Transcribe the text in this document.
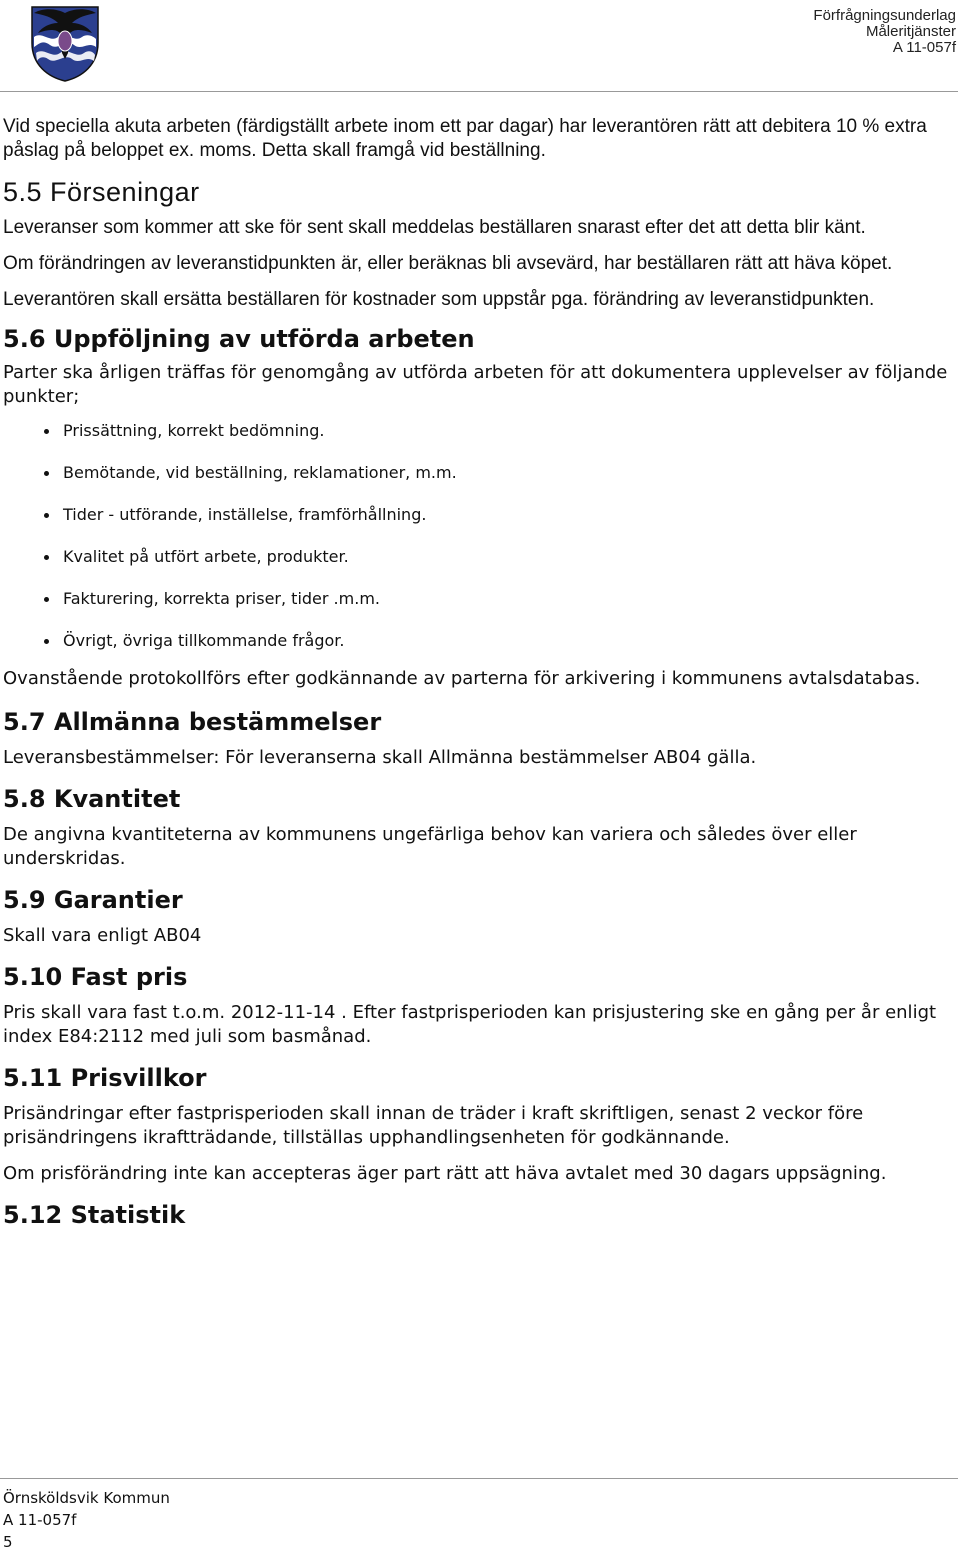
Förfrågningsunderlag
Måleritjänster
A 11-057f

Vid speciella akuta arbeten (färdigställt arbete inom ett par dagar) har leverantören rätt att debitera 10 % extra påslag på beloppet ex. moms. Detta skall framgå vid beställning.

5.5 Förseningar

Leveranser som kommer att ske för sent skall meddelas beställaren snarast efter det att detta blir känt.

Om förändringen av leveranstidpunkten är, eller beräknas bli avsevärd, har beställaren rätt att häva köpet.

Leverantören skall ersätta beställaren för kostnader som uppstår pga. förändring av leveranstidpunkten.

5.6 Uppföljning av utförda arbeten

Parter ska årligen träffas för genomgång av utförda arbeten för att dokumentera upplevelser av följande punkter;

Prissättning, korrekt bedömning.
Bemötande, vid beställning, reklamationer, m.m.
Tider - utförande, inställelse, framförhållning.
Kvalitet på utfört arbete, produkter.
Fakturering, korrekta priser, tider .m.m.
Övrigt, övriga tillkommande frågor.

Ovanstående protokollförs efter godkännande av parterna för arkivering i kommunens avtalsdatabas.

5.7 Allmänna bestämmelser

Leveransbestämmelser: För leveranserna skall Allmänna bestämmelser AB04 gälla.

5.8 Kvantitet

De angivna kvantiteterna av kommunens ungefärliga behov kan variera och således över eller underskridas.

5.9 Garantier

Skall vara enligt AB04

5.10 Fast pris

Pris skall vara fast t.o.m. 2012-11-14 . Efter fastprisperioden kan prisjustering ske en gång per år enligt index E84:2112 med juli som basmånad.

5.11 Prisvillkor

Prisändringar efter fastprisperioden skall innan de träder i kraft skriftligen, senast 2 veckor före prisändringens ikraftträdande, tillställas upphandlingsenheten för godkännande.

Om prisförändring inte kan accepteras äger part rätt att häva avtalet med 30 dagars uppsägning.

5.12 Statistik
Örnsköldsvik Kommun
A 11-057f
5
